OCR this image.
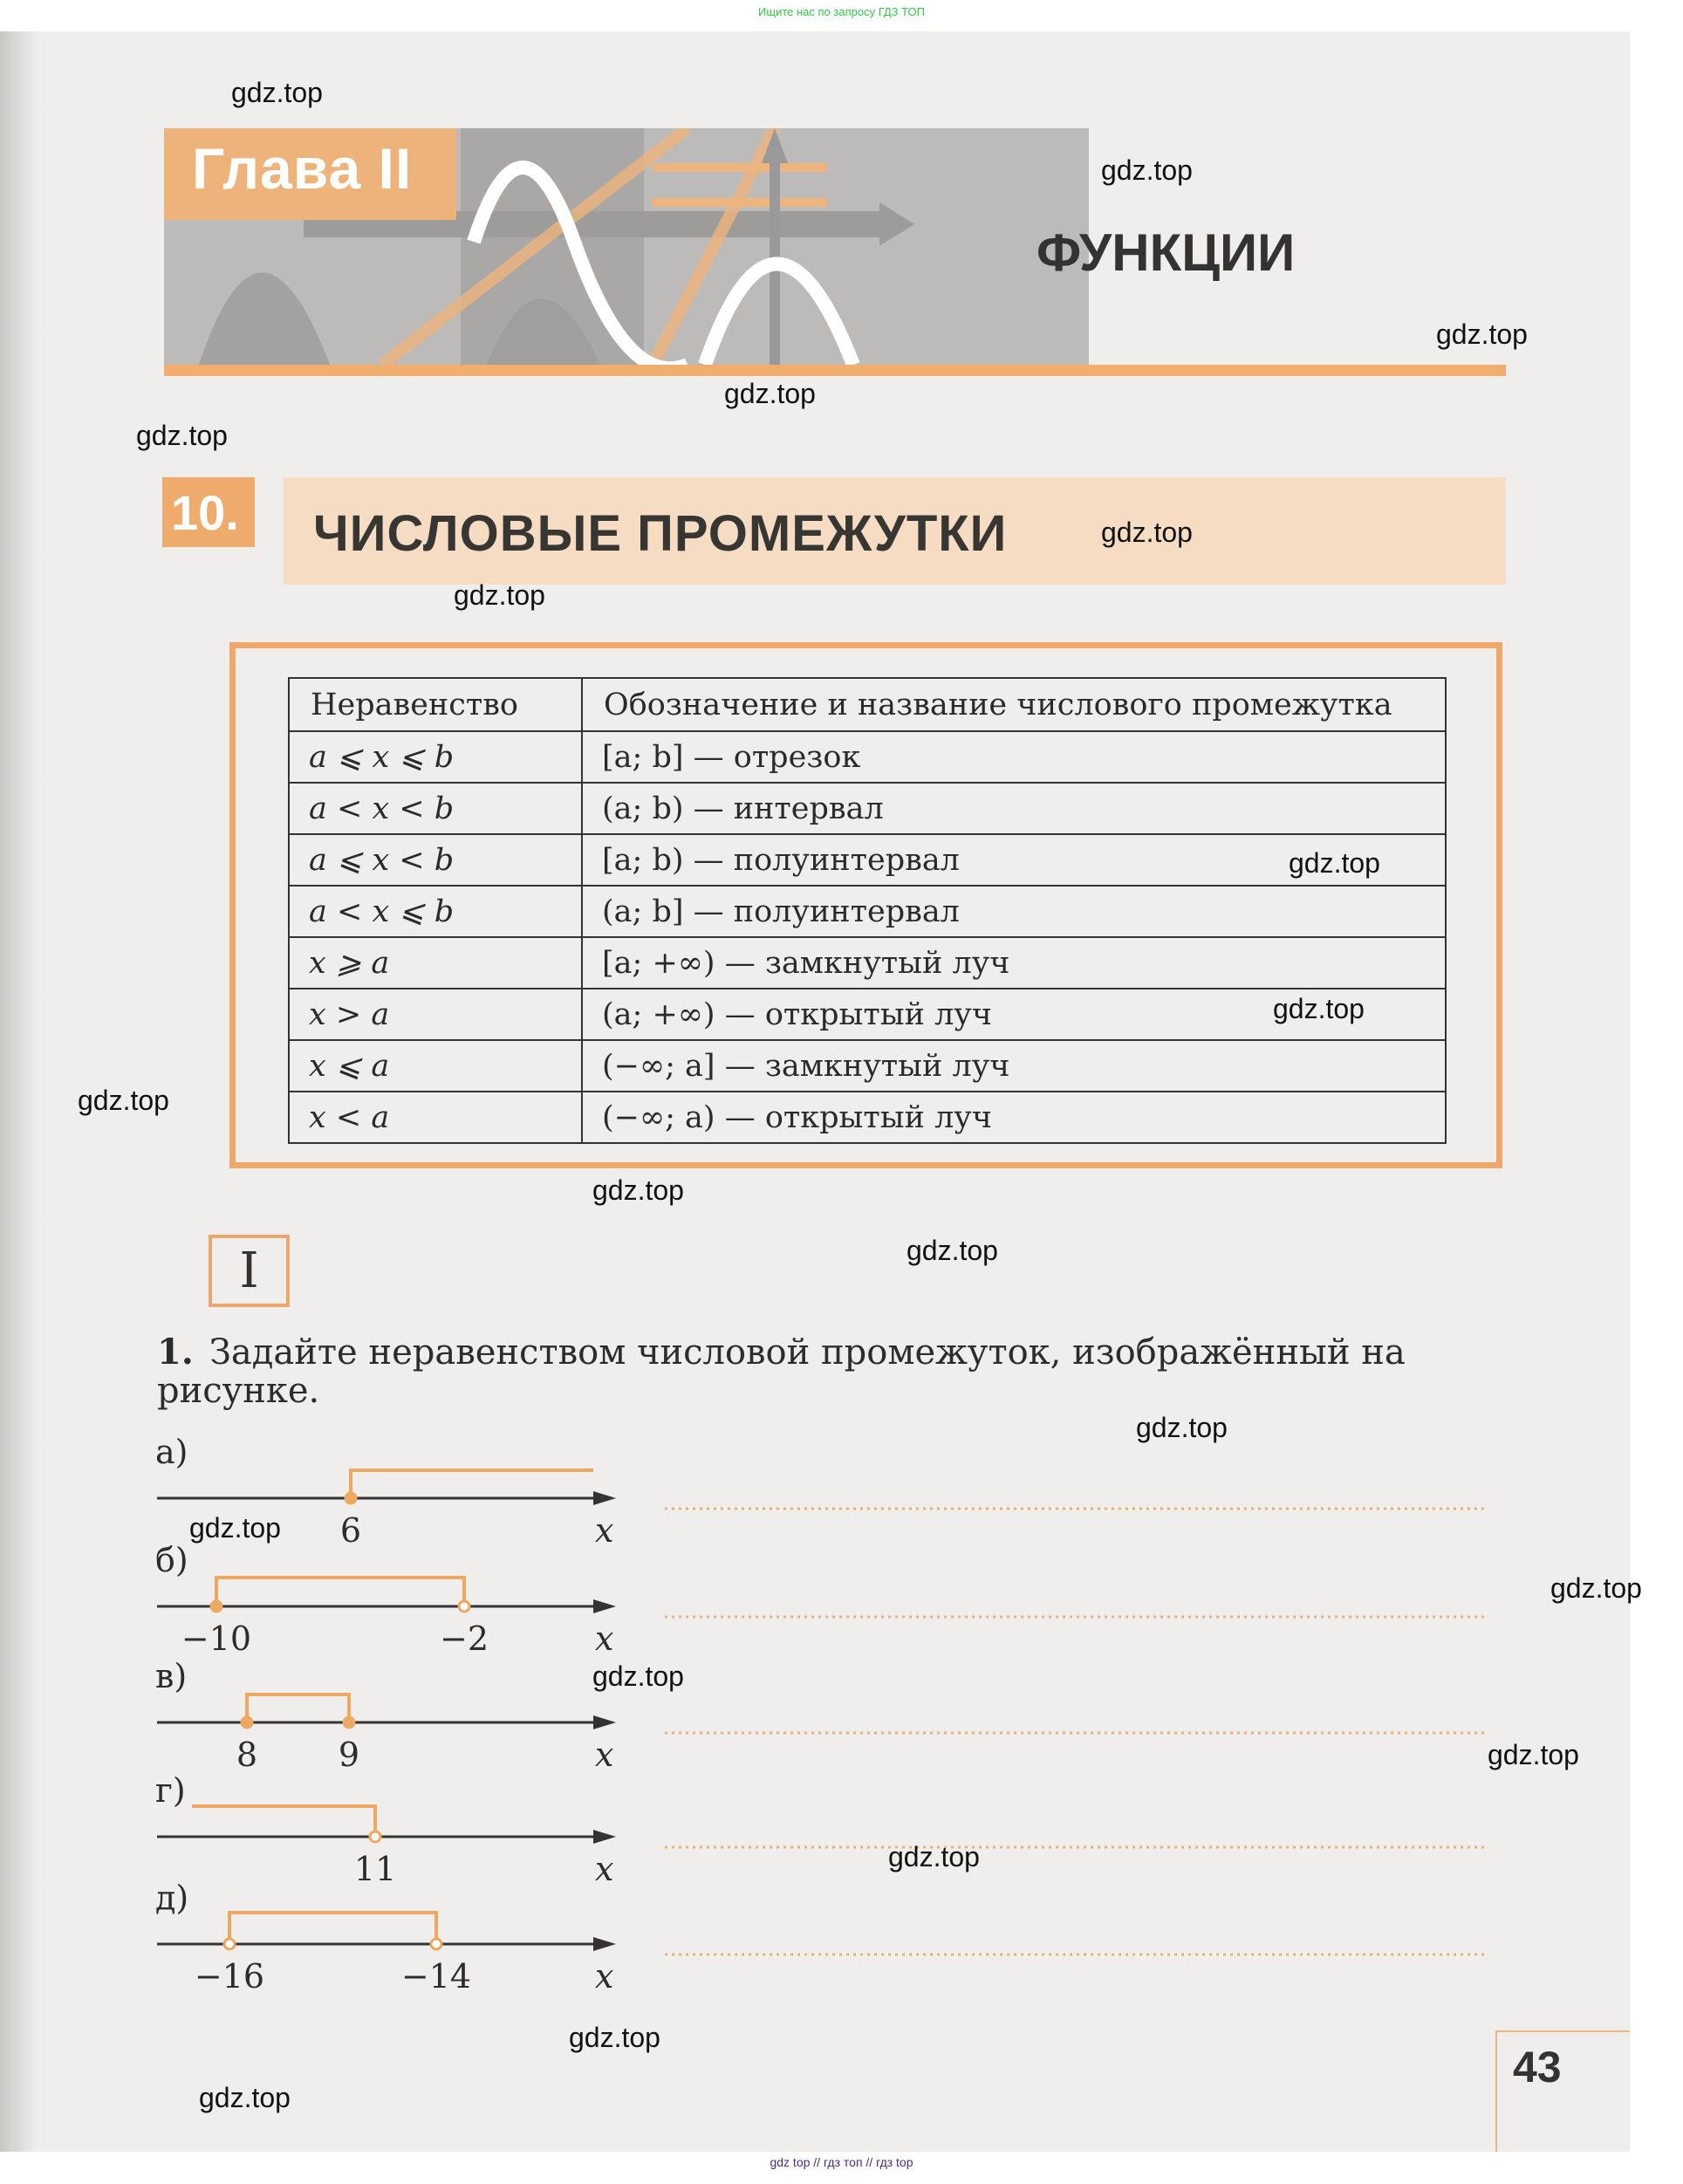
Ищите нас по запросу ГДЗ ТОП
Глава II
ФУНКЦИИ
10.	ЧИСЛОВЫЕ ПРОМЕЖУТКИ
Неравенство	Обозначение и название числового промежутка
a ⩽ x ⩽ b	[a; b] — отрезок
a < x < b	(a; b) — интервал
a ⩽ x < b	[a; b) — полуинтервал
a < x ⩽ b	(a; b] — полуинтервал
x ⩾ a	[a; +∞) — замкнутый луч
x > a	(a; +∞) — открытый луч
x ⩽ a	(−∞; a] — замкнутый луч
x < a	(−∞; a) — открытый луч
I
1. Задайте неравенством числовой промежуток, изображённый на рисунке.
а)
x
6
б)
x
−10	−2
в)
x
8 9
г)
x
11
д)
x
−16	−14
43
gdz top // гдз топ // гдз top
gdz.top
gdz.top
gdz.top
gdz.top
gdz.top
gdz.top
gdz.top
gdz.top
gdz.top
gdz.top
gdz.top
gdz.top
gdz.top
gdz.top
gdz.top
gdz.top
gdz.top
gdz.top
gdz.top
gdz.top
